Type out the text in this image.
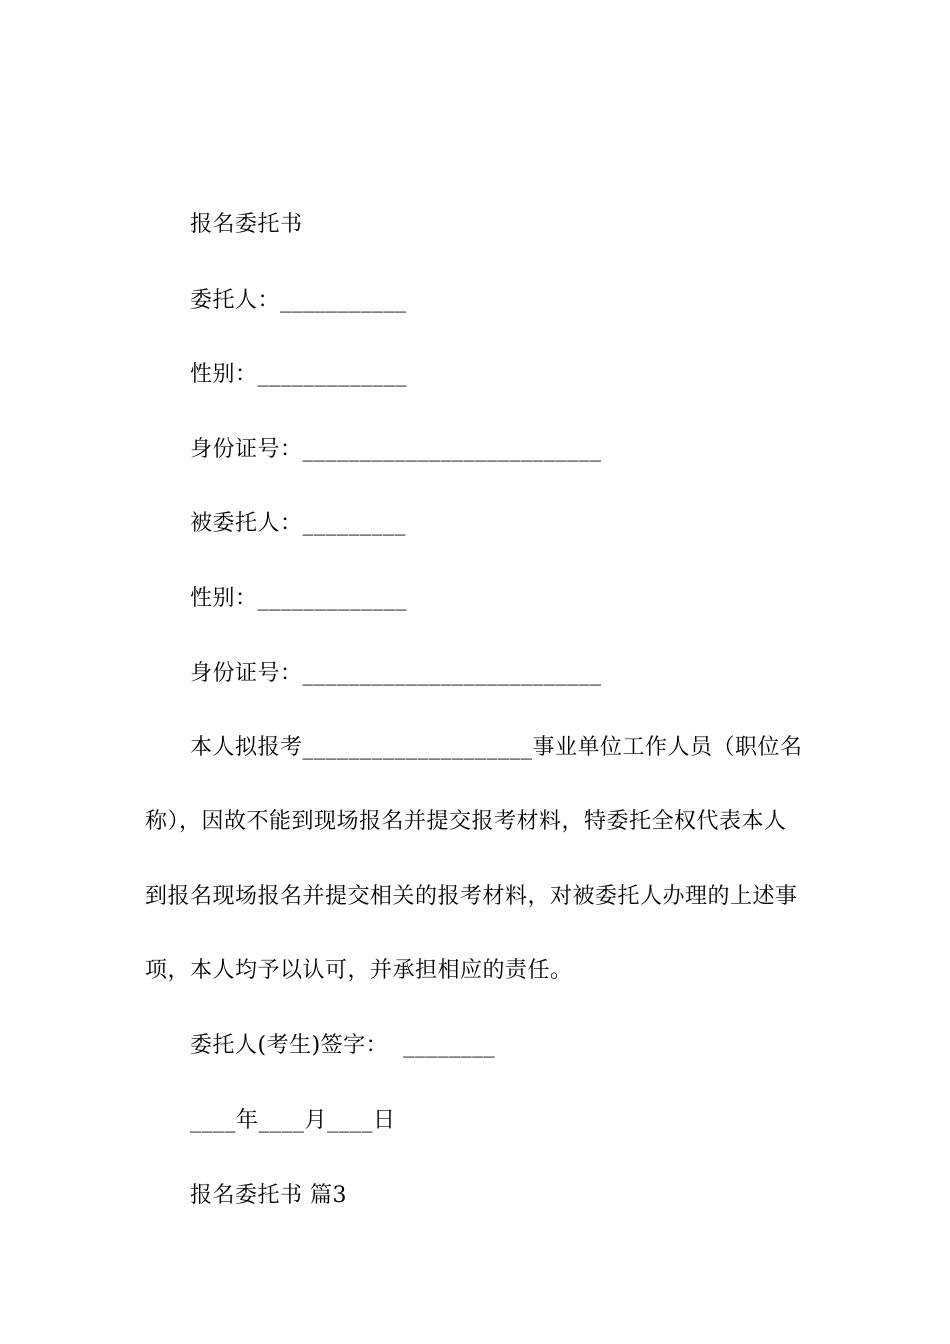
报名委托书
委托人：___________
性别：_____________
身份证号：__________________________
被委托人：_________
性别：_____________
身份证号：__________________________
本人拟报考____________________事业单位工作人员（职位名
称），因故不能到现场报名并提交报考材料，特委托全权代表本人
到报名现场报名并提交相关的报考材料，对被委托人办理的上述事
项，本人均予以认可，并承担相应的责任。
委托人(考生)签字：  ________
____年____月____日
报名委托书 篇3
